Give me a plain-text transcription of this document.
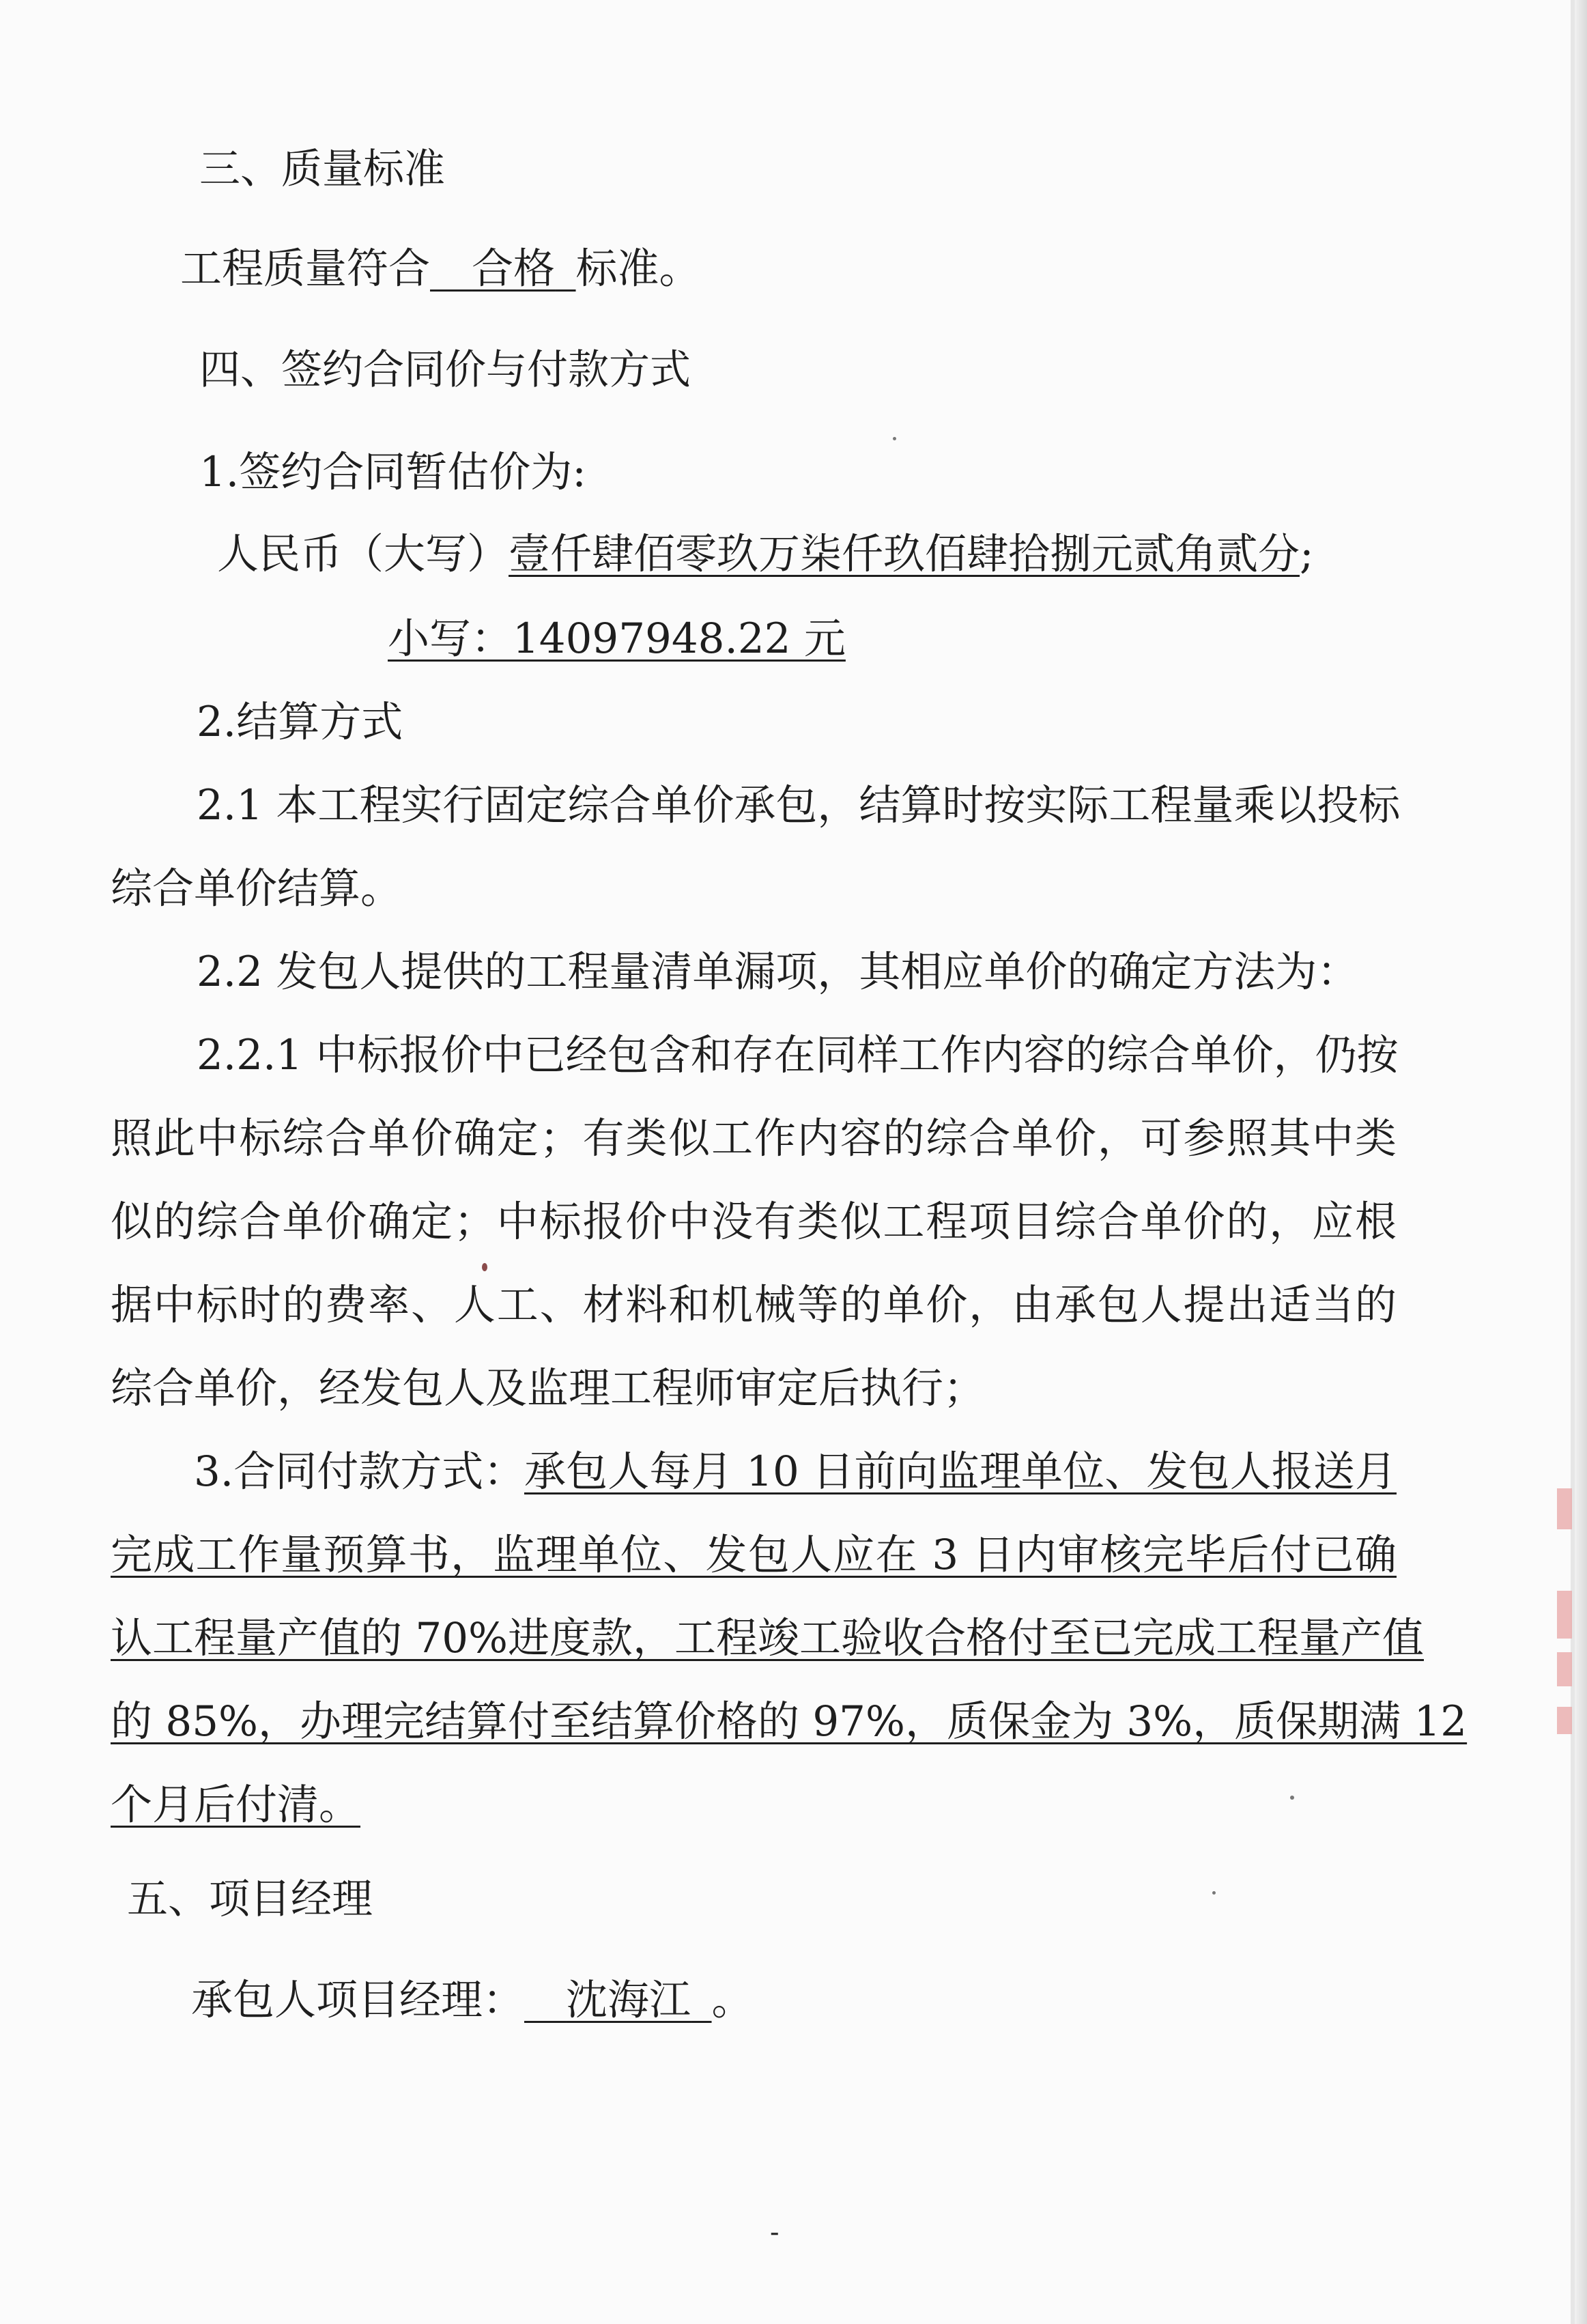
三、质量标准
工程质量符合  合格  标准。
四、签约合同价与付款方式
1.签约合同暂估价为:
人民币（大写）壹仟肆佰零玖万柒仟玖佰肆拾捌元贰角贰分;
小写：14097948.22 元
2.结算方式
2.1 本工程实行固定综合单价承包，结算时按实际工程量乘以投标
综合单价结算。
2.2 发包人提供的工程量清单漏项，其相应单价的确定方法为：
2.2.1 中标报价中已经包含和存在同样工作内容的综合单价，仍按
照此中标综合单价确定；有类似工作内容的综合单价，可参照其中类
似的综合单价确定；中标报价中没有类似工程项目综合单价的，应根
据中标时的费率、人工、材料和机械等的单价，由承包人提出适当的
综合单价，经发包人及监理工程师审定后执行；
3.合同付款方式：
承包人每月 10 日前向监理单位、发包人报送月
完成工作量预算书，监理单位、发包人应在 3 日内审核完毕后付已确
认工程量产值的 70%进度款，工程竣工验收合格付至已完成工程量产值
的 85%，办理完结算付至结算价格的 97%，质保金为 3%，质保期满 12
个月后付清。
五、项目经理
承包人项目经理：  沈海江  。
-
